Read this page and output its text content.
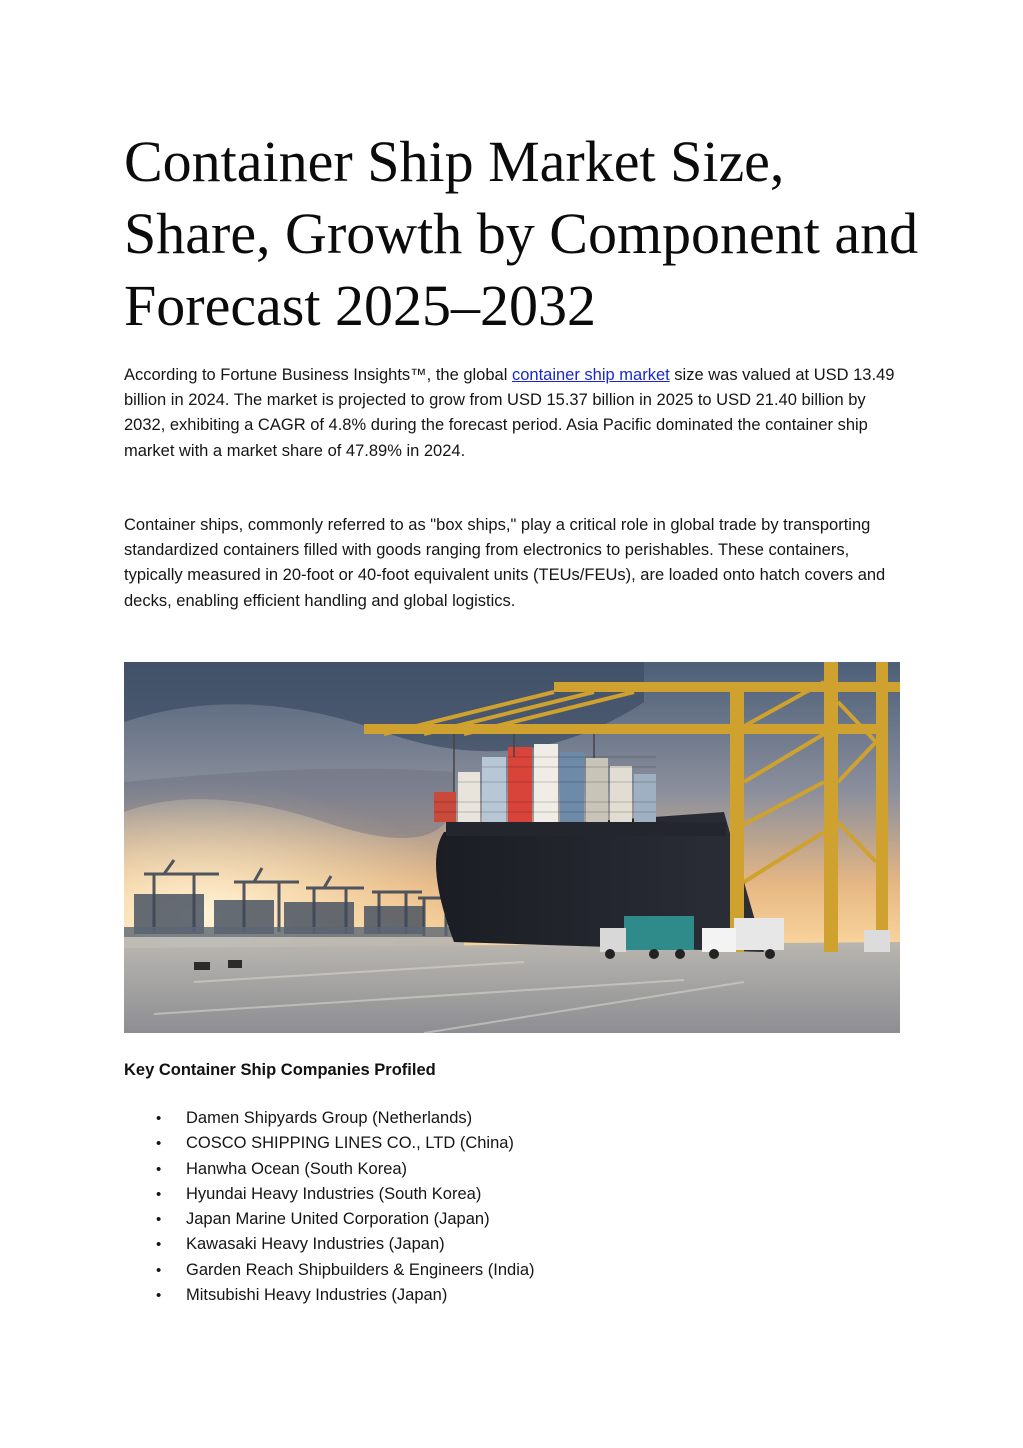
Container Ship Market Size, Share, Growth by Component and Forecast 2025–2032

According to Fortune Business Insights™, the global container ship market size was valued at USD 13.49 billion in 2024. The market is projected to grow from USD 15.37 billion in 2025 to USD 21.40 billion by 2032, exhibiting a CAGR of 4.8% during the forecast period. Asia Pacific dominated the container ship market with a market share of 47.89% in 2024.

Container ships, commonly referred to as "box ships," play a critical role in global trade by transporting standardized containers filled with goods ranging from electronics to perishables. These containers, typically measured in 20-foot or 40-foot equivalent units (TEUs/FEUs), are loaded onto hatch covers and decks, enabling efficient handling and global logistics.

Key Container Ship Companies Profiled
• Damen Shipyards Group (Netherlands)
• COSCO SHIPPING LINES CO., LTD (China)
• Hanwha Ocean (South Korea)
• Hyundai Heavy Industries (South Korea)
• Japan Marine United Corporation (Japan)
• Kawasaki Heavy Industries (Japan)
• Garden Reach Shipbuilders & Engineers (India)
• Mitsubishi Heavy Industries (Japan)
